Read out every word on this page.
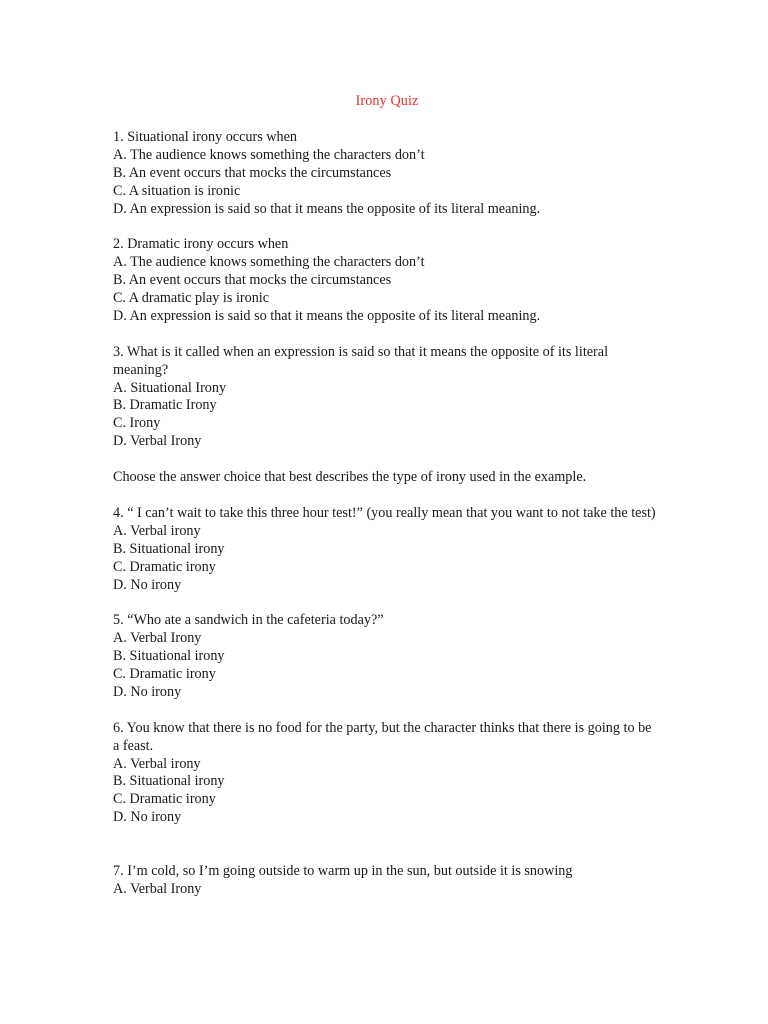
Irony Quiz
1. Situational irony occurs when
A. The audience knows something the characters don’t
B. An event occurs that mocks the circumstances
C. A situation is ironic
D. An expression is said so that it means the opposite of its literal meaning.
2. Dramatic irony occurs when
A. The audience knows something the characters don’t
B. An event occurs that mocks the circumstances
C. A dramatic play is ironic
D. An expression is said so that it means the opposite of its literal meaning.
3. What is it called when an expression is said so that it means the opposite of its literal meaning?
A. Situational Irony
B. Dramatic Irony
C. Irony
D. Verbal Irony
Choose the answer choice that best describes the type of irony used in the example.
4. “ I can’t wait to take this three hour test!” (you really mean that you want to not take the test)
A. Verbal irony
B. Situational irony
C. Dramatic irony
D. No irony
5. “Who ate a sandwich in the cafeteria today?”
A. Verbal Irony
B. Situational irony
C. Dramatic irony
D. No irony
6. You know that there is no food for the party, but the character thinks that there is going to be a feast.
A. Verbal irony
B. Situational irony
C. Dramatic irony
D. No irony
7. I’m cold, so I’m going outside to warm up in the sun, but outside it is snowing
A. Verbal Irony
